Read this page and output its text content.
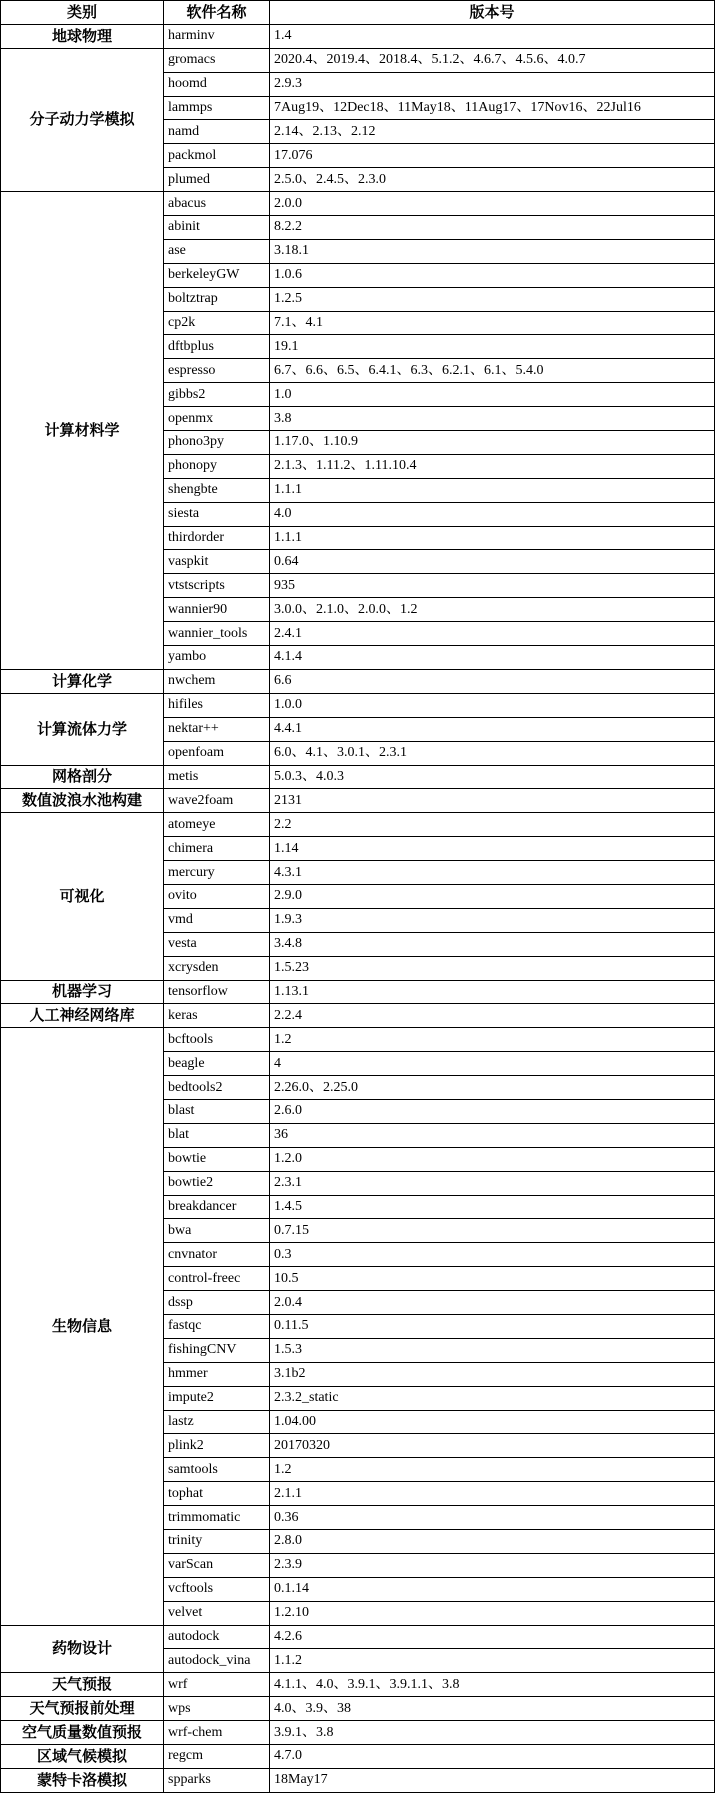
类别	软件名称	版本号
地球物理	harminv	1.4
分子动力学模拟	gromacs	2020.4、2019.4、2018.4、5.1.2、4.6.7、4.5.6、4.0.7
	hoomd	2.9.3
	lammps	7Aug19、12Dec18、11May18、11Aug17、17Nov16、22Jul16
	namd	2.14、2.13、2.12
	packmol	17.076
	plumed	2.5.0、2.4.5、2.3.0
计算材料学	abacus	2.0.0
	abinit	8.2.2
	ase	3.18.1
	berkeleyGW	1.0.6
	boltztrap	1.2.5
	cp2k	7.1、4.1
	dftbplus	19.1
	espresso	6.7、6.6、6.5、6.4.1、6.3、6.2.1、6.1、5.4.0
	gibbs2	1.0
	openmx	3.8
	phono3py	1.17.0、1.10.9
	phonopy	2.1.3、1.11.2、1.11.10.4
	shengbte	1.1.1
	siesta	4.0
	thirdorder	1.1.1
	vaspkit	0.64
	vtstscripts	935
	wannier90	3.0.0、2.1.0、2.0.0、1.2
	wannier_tools	2.4.1
	yambo	4.1.4
计算化学	nwchem	6.6
计算流体力学	hifiles	1.0.0
	nektar++	4.4.1
	openfoam	6.0、4.1、3.0.1、2.3.1
网格剖分	metis	5.0.3、4.0.3
数值波浪水池构建	wave2foam	2131
可视化	atomeye	2.2
	chimera	1.14
	mercury	4.3.1
	ovito	2.9.0
	vmd	1.9.3
	vesta	3.4.8
	xcrysden	1.5.23
机器学习	tensorflow	1.13.1
人工神经网络库	keras	2.2.4
生物信息	bcftools	1.2
	beagle	4
	bedtools2	2.26.0、2.25.0
	blast	2.6.0
	blat	36
	bowtie	1.2.0
	bowtie2	2.3.1
	breakdancer	1.4.5
	bwa	0.7.15
	cnvnator	0.3
	control-freec	10.5
	dssp	2.0.4
	fastqc	0.11.5
	fishingCNV	1.5.3
	hmmer	3.1b2
	impute2	2.3.2_static
	lastz	1.04.00
	plink2	20170320
	samtools	1.2
	tophat	2.1.1
	trimmomatic	0.36
	trinity	2.8.0
	varScan	2.3.9
	vcftools	0.1.14
	velvet	1.2.10
药物设计	autodock	4.2.6
	autodock_vina	1.1.2
天气预报	wrf	4.1.1、4.0、3.9.1、3.9.1.1、3.8
天气预报前处理	wps	4.0、3.9、38
空气质量数值预报	wrf-chem	3.9.1、3.8
区域气候模拟	regcm	4.7.0
蒙特卡洛模拟	spparks	18May17
